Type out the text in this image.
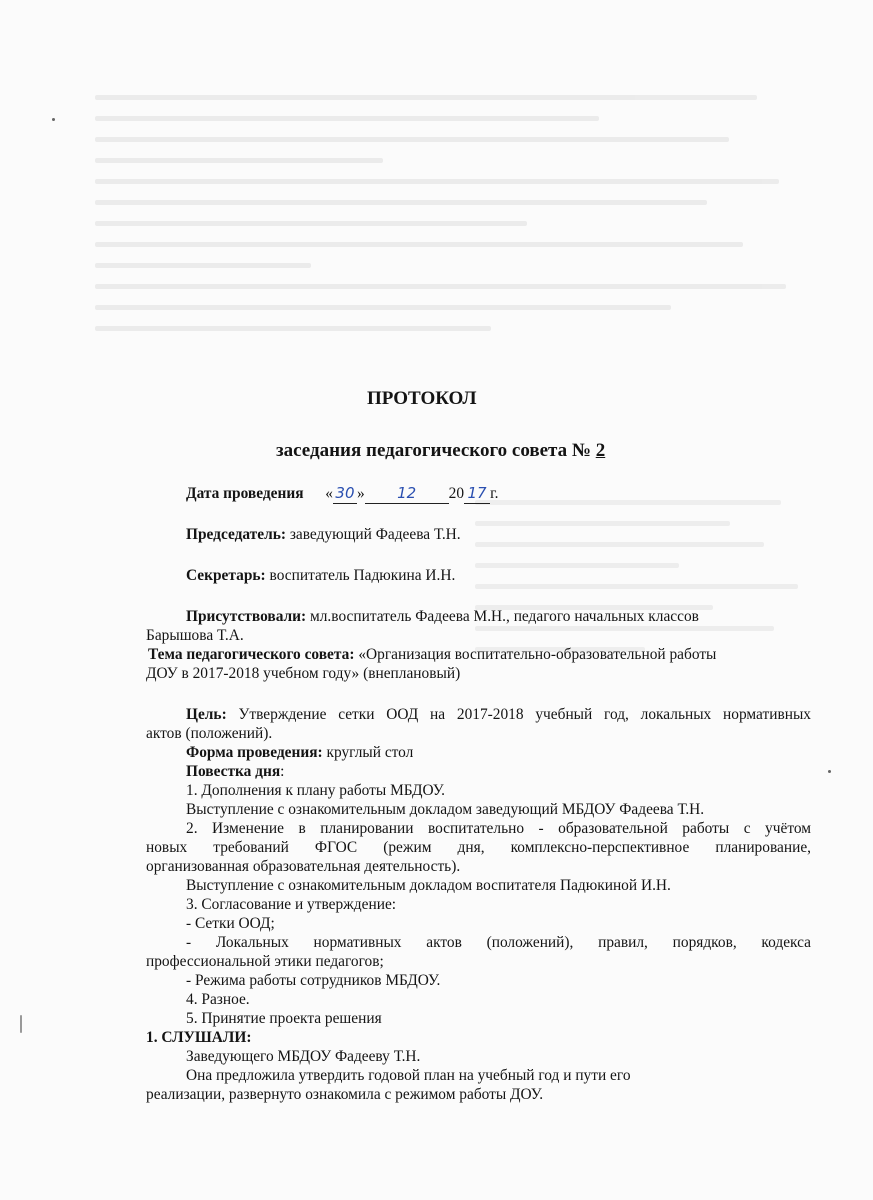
ПРОТОКОЛ
заседания педагогического совета № 2
Дата проведения « 30 » 12 20 17 г.
Председатель: заведующий Фадеева Т.Н.
Секретарь: воспитатель Падюкина И.Н.
Присутствовали: мл.воспитатель Фадеева М.Н., педагого начальных классов
Барышова Т.А.
Тема педагогического совета: «Организация воспитательно-образовательной работы
ДОУ в 2017-2018 учебном году» (внеплановый)
Цель: Утверждение сетки ООД на 2017-2018 учебный год, локальных нормативных
актов (положений).
Форма проведения: круглый стол
Повестка дня:
1. Дополнения к плану работы МБДОУ.
Выступление с ознакомительным докладом заведующий МБДОУ Фадеева Т.Н.
2. Изменение в планировании воспитательно - образовательной работы с учётом
новых требований ФГОС (режим дня, комплексно-перспективное планирование,
организованная образовательная деятельность).
Выступление с ознакомительным докладом воспитателя Падюкиной И.Н.
3. Согласование и утверждение:
- Сетки ООД;
- Локальных нормативных актов (положений), правил, порядков, кодекса
профессиональной этики педагогов;
- Режима работы сотрудников МБДОУ.
4. Разное.
5. Принятие проекта решения
1. СЛУШАЛИ:
Заведующего МБДОУ Фадееву Т.Н.
Она предложила утвердить годовой план на учебный год и пути его
реализации, развернуто ознакомила с режимом работы ДОУ.
